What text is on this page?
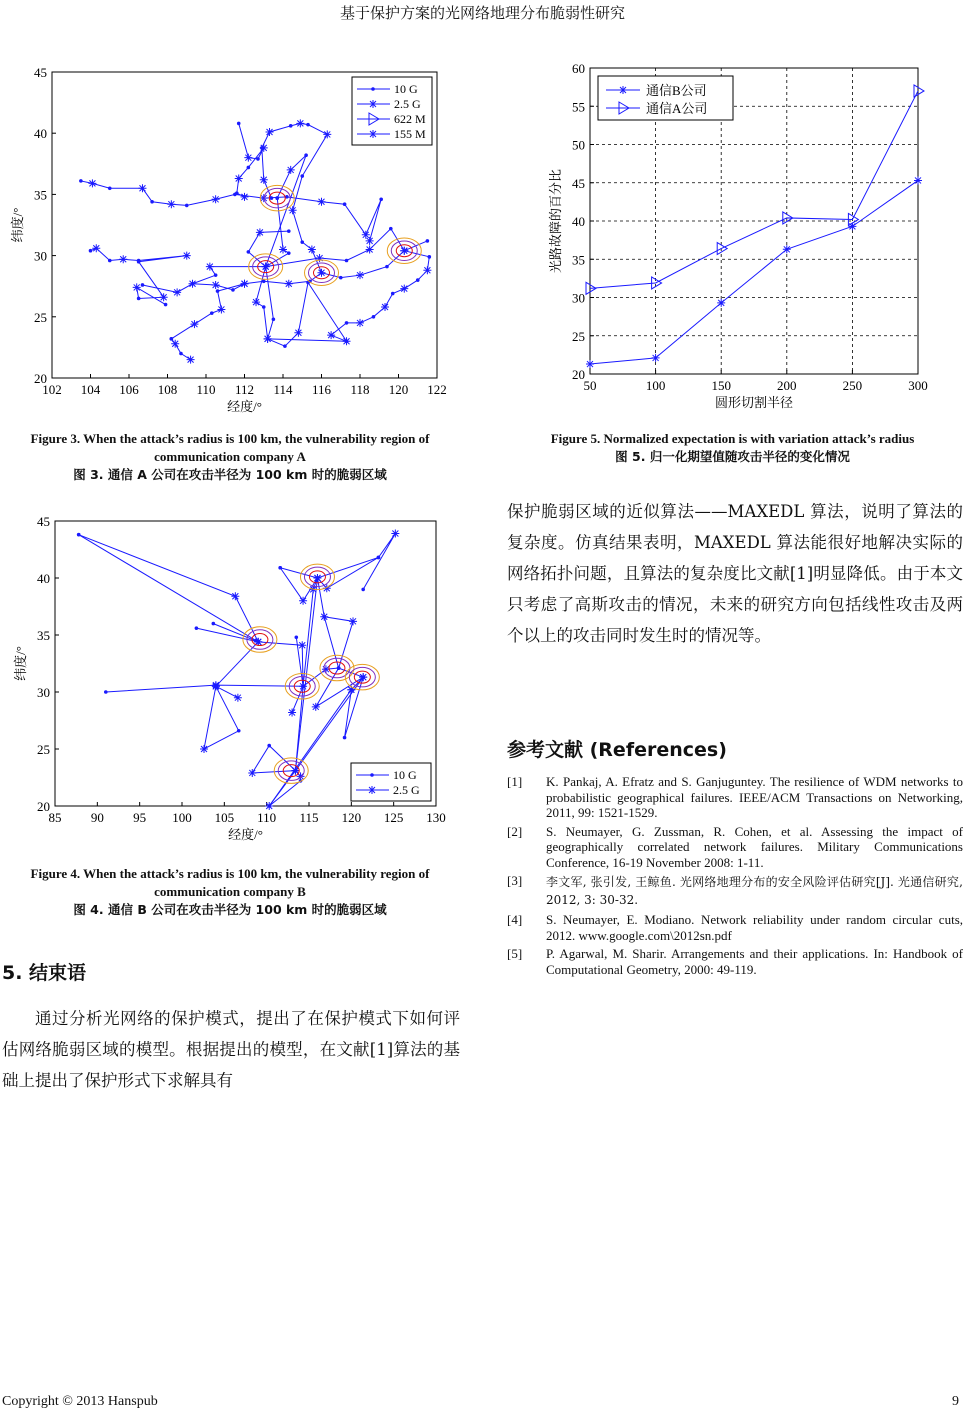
基于保护方案的光网络地理分布脆弱性研究
102 104 106 108 110 112 114 116 118 120 122
20
25
30
35
40
45
经度/°
纬度/°
10 G
2.5 G
622 M
155 M
Figure 3. When the attack’s radius is 100 km, the vulnerability region of communication company A
图 3. 通信 A 公司在攻击半径为 100 km 时的脆弱区域
85 90 95 100 105 110 115 120 125 130
20
25
30
35
40
45
经度/°
纬度/°
10 G
2.5 G
Figure 4. When the attack’s radius is 100 km, the vulnerability region of communication company B
图 4. 通信 B 公司在攻击半径为 100 km 时的脆弱区域
5. 结束语
通过分析光网络的保护模式，提出了在保护模式下如何评估网络脆弱区域的模型。根据提出的模型，在文献[1]算法的基础上提出了保护形式下求解具有
50	100	150	200	250	300
20
25
30
35
40
45
50
55
60
圆形切割半径
光路故障的百分比
通信B公司
通信A公司
Figure 5. Normalized expectation is with variation attack’s radius
图 5. 归一化期望值随攻击半径的变化情况
保护脆弱区域的近似算法——MAXEDL 算法，说明了算法的复杂度。仿真结果表明，MAXEDL 算法能很好地解决实际的网络拓扑问题，且算法的复杂度比文献[1]明显降低。由于本文只考虑了高斯攻击的情况，未来的研究方向包括线性攻击及两个以上的攻击同时发生时的情况等。
参考文献 (References)
[1]	K. Pankaj, A. Efratz and S. Ganjuguntey. The resilience of WDM networks to probabilistic geographical failures. IEEE/ACM Transactions on Networking, 2011, 99: 1521-1529.
[2]	S. Neumayer, G. Zussman, R. Cohen, et al. Assessing the impact of geographically correlated network failures. Military Communications Conference, 16-19 November 2008: 1-11.
[3]	李文军, 张引发, 王鲸鱼. 光网络地理分布的安全风险评估研究[J]. 光通信研究, 2012, 3: 30-32.
[4]	S. Neumayer, E. Modiano. Network reliability under random circular cuts, 2012. www.google.com\2012sn.pdf
[5]	P. Agarwal, M. Sharir. Arrangements and their applications. In: Handbook of Computational Geometry, 2000: 49-119.
Copyright © 2013 Hanspub	9
